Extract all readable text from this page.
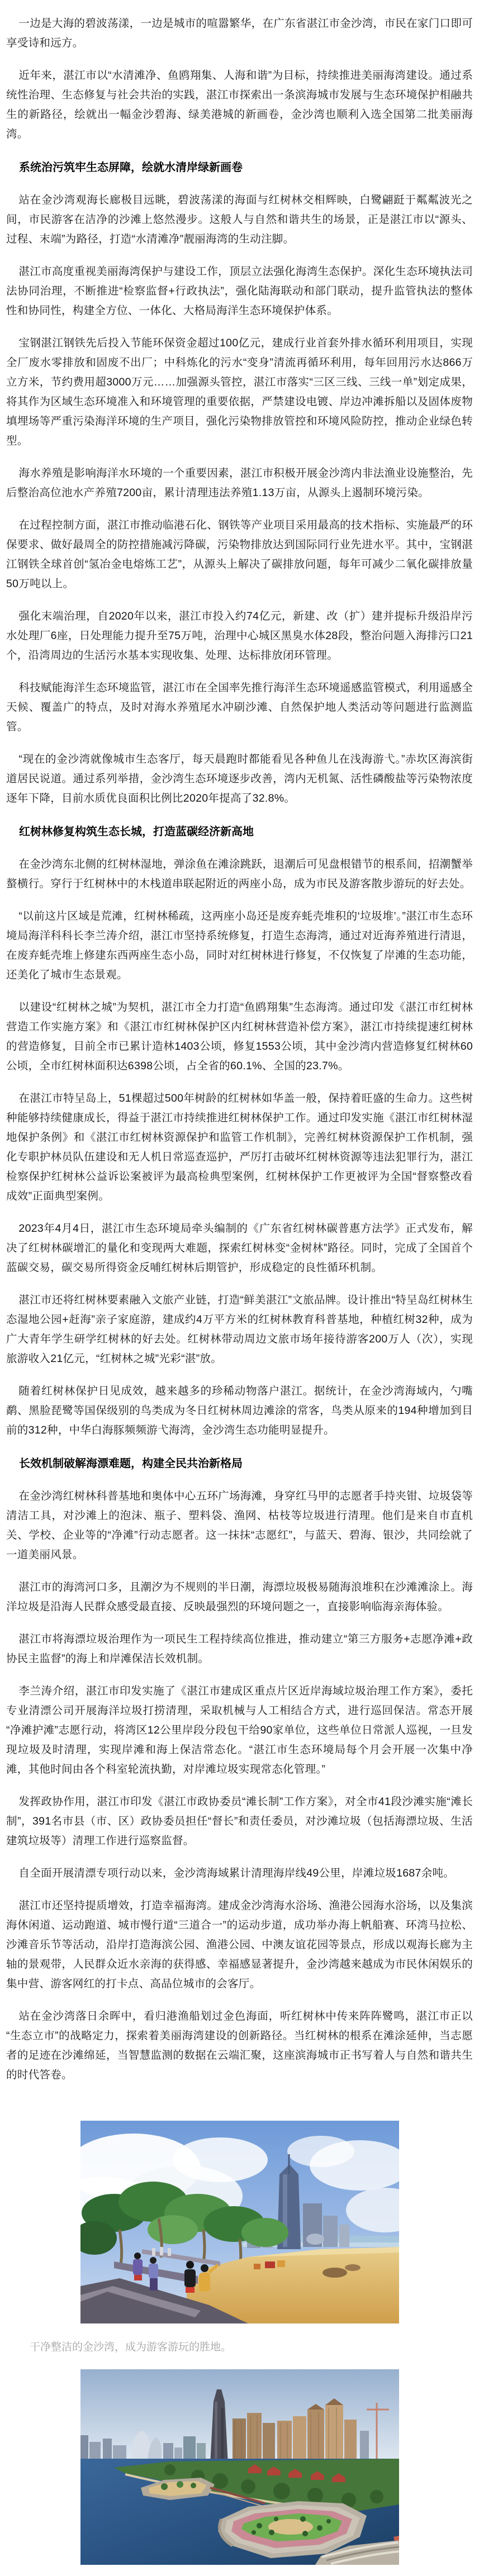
一边是大海的碧波荡漾，一边是城市的喧嚣繁华，在广东省湛江市金沙湾，市民在家门口即可享受诗和远方。

近年来，湛江市以“水清滩净、鱼鸥翔集、人海和谐”为目标，持续推进美丽海湾建设。通过系统性治理、生态修复与社会共治的实践，湛江市探索出一条滨海城市发展与生态环境保护相融共生的新路径，绘就出一幅金沙碧海、绿美港城的新画卷，金沙湾也顺利入选全国第二批美丽海湾。

系统治污筑牢生态屏障，绘就水清岸绿新画卷

站在金沙湾观海长廊极目远眺，碧波荡漾的海面与红树林交相辉映，白鹭翩跹于粼粼波光之间，市民游客在洁净的沙滩上悠然漫步。这般人与自然和谐共生的场景，正是湛江市以“源头、过程、末端”为路径，打造“水清滩净”靓丽海湾的生动注脚。

湛江市高度重视美丽海湾保护与建设工作，顶层立法强化海湾生态保护。深化生态环境执法司法协同治理，不断推进“检察监督+行政执法”，强化陆海联动和部门联动，提升监管执法的整体性和协同性，构建全方位、一体化、大格局海洋生态环境保护体系。

宝钢湛江钢铁先后投入节能环保资金超过100亿元，建成行业首套外排水循环利用项目，实现全厂废水零排放和固废不出厂；中科炼化的污水“变身”清流再循环利用，每年回用污水达866万立方米，节约费用超3000万元……加强源头管控，湛江市落实“三区三线、三线一单”划定成果，将其作为区域生态环境准入和环境管理的重要依据，严禁建设电镀、岸边冲滩拆船以及固体废物填埋场等严重污染海洋环境的生产项目，强化污染物排放管控和环境风险防控，推动企业绿色转型。

海水养殖是影响海洋水环境的一个重要因素，湛江市积极开展金沙湾内非法渔业设施整治，先后整治高位池水产养殖7200亩，累计清理违法养殖1.13万亩，从源头上遏制环境污染。

在过程控制方面，湛江市推动临港石化、钢铁等产业项目采用最高的技术指标、实施最严的环保要求、做好最周全的防控措施减污降碳，污染物排放达到国际同行业先进水平。其中，宝钢湛江钢铁全球首创“氢冶金电熔炼工艺”，从源头上解决了碳排放问题，每年可减少二氧化碳排放量50万吨以上。

强化末端治理，自2020年以来，湛江市投入约74亿元，新建、改（扩）建并提标升级沿岸污水处理厂6座，日处理能力提升至75万吨，治理中心城区黑臭水体28段，整治问题入海排污口21个，沿湾周边的生活污水基本实现收集、处理、达标排放闭环管理。

科技赋能海洋生态环境监管，湛江市在全国率先推行海洋生态环境遥感监管模式，利用遥感全天候、覆盖广的特点，及时对海水养殖尾水冲刷沙滩、自然保护地人类活动等问题进行监测监管。

“现在的金沙湾就像城市生态客厅，每天晨跑时都能看见各种鱼儿在浅海游弋。”赤坎区海滨街道居民说道。通过系列举措，金沙湾生态环境逐步改善，湾内无机氮、活性磷酸盐等污染物浓度逐年下降，目前水质优良面积比例比2020年提高了32.8%。

红树林修复构筑生态长城，打造蓝碳经济新高地

在金沙湾东北侧的红树林湿地，弹涂鱼在滩涂跳跃，退潮后可见盘根错节的根系间，招潮蟹举螯横行。穿行于红树林中的木栈道串联起附近的两座小岛，成为市民及游客散步游玩的好去处。

“以前这片区域是荒滩，红树林稀疏，这两座小岛还是废弃蚝壳堆积的‘垃圾堆’。”湛江市生态环境局海洋科科长李兰涛介绍，湛江市坚持系统修复，打造生态海湾，通过对近海养殖进行清退，在废弃蚝壳堆上修建东西两座生态小岛，同时对红树林进行修复，不仅恢复了岸滩的生态功能，还美化了城市生态景观。

以建设“红树林之城”为契机，湛江市全力打造“鱼鸥翔集”生态海湾。通过印发《湛江市红树林营造工作实施方案》和《湛江市红树林保护区内红树林营造补偿方案》，湛江市持续提速红树林的营造修复，目前全市已累计造林1403公顷，修复1553公顷，其中金沙湾内营造修复红树林60公顷，全市红树林面积达6398公顷，占全省的60.1%、全国的23.7%。

在湛江市特呈岛上，51棵超过500年树龄的红树林如华盖一般，保持着旺盛的生命力。这些树种能够持续健康成长，得益于湛江市持续推进红树林保护工作。通过印发实施《湛江市红树林湿地保护条例》和《湛江市红树林资源保护和监管工作机制》，完善红树林资源保护工作机制，强化专职护林员队伍建设和无人机日常巡查巡护，严厉打击破坏红树林资源等违法犯罪行为，湛江检察保护红树林公益诉讼案被评为最高检典型案例，红树林保护工作更被评为全国“督察整改看成效”正面典型案例。

2023年4月4日，湛江市生态环境局牵头编制的《广东省红树林碳普惠方法学》正式发布，解决了红树林碳增汇的量化和变现两大难题，探索红树林变“金树林”路径。同时，完成了全国首个蓝碳交易，碳交易所得资金反哺红树林后期管护，形成稳定的良性循环机制。

湛江市还将红树林要素融入文旅产业链，打造“鲜美湛江”文旅品牌。设计推出“特呈岛红树林生态湿地公园+赶海”亲子家庭游，建成约4万平方米的红树林教育科普基地，种植红树32种，成为广大青年学生研学红树林的好去处。红树林带动周边文旅市场年接待游客200万人（次），实现旅游收入21亿元，“红树林之城”光彩“湛”放。

随着红树林保护日见成效，越来越多的珍稀动物落户湛江。据统计，在金沙湾海域内，勺嘴鹬、黑脸琵鹭等国保级别的鸟类成为冬日红树林周边滩涂的常客，鸟类从原来的194种增加到目前的312种，中华白海豚频频游弋海湾，金沙湾生态功能明显提升。

长效机制破解海漂难题，构建全民共治新格局

在金沙湾红树林科普基地和奥体中心五环广场海滩，身穿红马甲的志愿者手持夹钳、垃圾袋等清洁工具，对沙滩上的泡沫、瓶子、塑料袋、渔网、枯枝等垃圾进行清理。他们是来自市直机关、学校、企业等的“净滩”行动志愿者。这一抹抹“志愿红”，与蓝天、碧海、银沙，共同绘就了一道美丽风景。

湛江市的海湾河口多，且潮汐为不规则的半日潮，海漂垃圾极易随海浪堆积在沙滩滩涂上。海洋垃圾是沿海人民群众感受最直接、反映最强烈的环境问题之一，直接影响临海亲海体验。

湛江市将海漂垃圾治理作为一项民生工程持续高位推进，推动建立“第三方服务+志愿净滩+政协民主监督”的海上和岸滩保洁长效机制。

李兰涛介绍，湛江市印发实施了《湛江市建成区重点片区近岸海域垃圾治理工作方案》，委托专业清漂公司开展海洋垃圾打捞清理，采取机械与人工相结合方式，进行巡回保洁。常态开展“净滩护滩”志愿行动，将湾区12公里岸段分段包干给90家单位，这些单位日常派人巡视，一旦发现垃圾及时清理，实现岸滩和海上保洁常态化。“湛江市生态环境局每个月会开展一次集中净滩，其他时间由各个科室轮流执勤，对岸滩垃圾实现常态化管理。”

发挥政协作用，湛江市印发《湛江市政协委员“滩长制”工作方案》，对全市41段沙滩实施“滩长制”，391名市县（市、区）政协委员担任“督长”和责任委员，对沙滩垃圾（包括海漂垃圾、生活建筑垃圾等）清理工作进行巡察监督。

自全面开展清漂专项行动以来，金沙湾海域累计清理海岸线49公里，岸滩垃圾1687余吨。

湛江市还坚持提质增效，打造幸福海湾。建成金沙湾海水浴场、渔港公园海水浴场，以及集滨海休闲道、运动跑道、城市慢行道“三道合一”的运动步道，成功举办海上帆船赛、环湾马拉松、沙滩音乐节等活动，沿岸打造海滨公园、渔港公园、中澳友谊花园等景点，形成以观海长廊为主轴的景观带，人民群众近水亲海的获得感、幸福感显著提升，金沙湾越来越成为市民休闲娱乐的集中营、游客网红的打卡点、高品位城市的会客厅。

站在金沙湾落日余晖中，看归港渔船划过金色海面，听红树林中传来阵阵鹭鸣，湛江市正以“生态立市”的战略定力，探索着美丽海湾建设的创新路径。当红树林的根系在滩涂延伸，当志愿者的足迹在沙滩绵延，当智慧监测的数据在云端汇聚，这座滨海城市正书写着人与自然和谐共生的时代答卷。

干净整洁的金沙湾，成为游客游玩的胜地。
